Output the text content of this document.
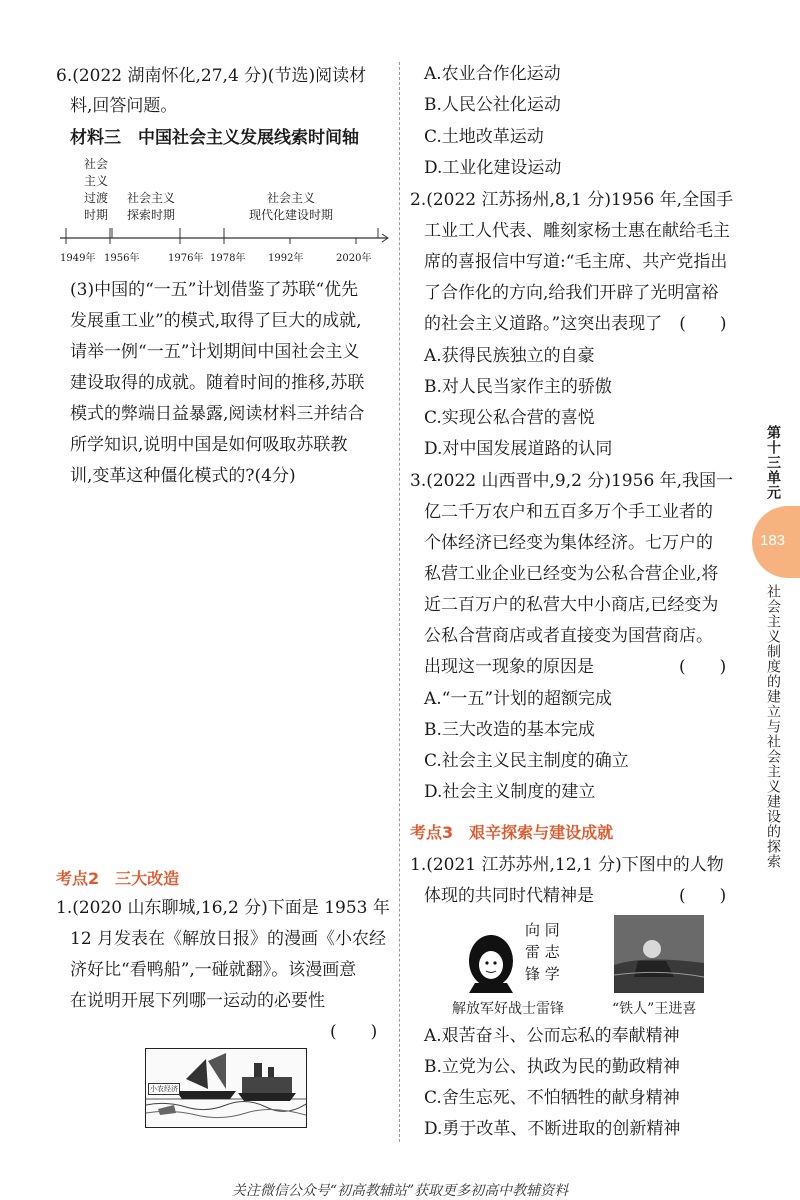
6.(2022 湖南怀化,27,4 分)(节选)阅读材
料,回答问题。
材料三　中国社会主义发展线索时间轴
社会
主义
过渡
时期
社会主义
探索时期
社会主义
现代化建设时期
1949年 1956年	1976年 1978年 1992年	2020年
(3)中国的“一五”计划借鉴了苏联“优先
发展重工业”的模式,取得了巨大的成就,
请举一例“一五”计划期间中国社会主义
建设取得的成就。随着时间的推移,苏联
模式的弊端日益暴露,阅读材料三并结合
所学知识,说明中国是如何吸取苏联教
训,变革这种僵化模式的?(4分)
考点2　三大改造
1.(2020 山东聊城,16,2 分)下面是 1953 年
12 月发表在《解放日报》的漫画《小农经
济好比“看鸭船”,一碰就翻》。该漫画意
在说明开展下列哪一运动的必要性
(　　)
小农经济
A.农业合作化运动
B.人民公社化运动
C.土地改革运动
D.工业化建设运动
2.(2022 江苏扬州,8,1 分)1956 年,全国手
工业工人代表、雕刻家杨士惠在献给毛主
席的喜报信中写道:“毛主席、共产党指出
了合作化的方向,给我们开辟了光明富裕
的社会主义道路。”这突出表现了　(　　)
A.获得民族独立的自豪
B.对人民当家作主的骄傲
C.实现公私合营的喜悦
D.对中国发展道路的认同
3.(2022 山西晋中,9,2 分)1956 年,我国一
亿二千万农户和五百多万个手工业者的
个体经济已经变为集体经济。七万户的
私营工业企业已经变为公私合营企业,将
近二百万户的私营大中小商店,已经变为
公私合营商店或者直接变为国营商店。
出现这一现象的原因是　　　　　(　　)
A.“一五”计划的超额完成
B.三大改造的基本完成
C.社会主义民主制度的确立
D.社会主义制度的建立
考点3　艰辛探索与建设成就
1.(2021 江苏苏州,12,1 分)下图中的人物
体现的共同时代精神是　　　　　(　　)
向 同
雷 志
锋 学
解放军好战士雷锋	“铁人”王进喜
A.艰苦奋斗、公而忘私的奉献精神
B.立党为公、执政为民的勤政精神
C.舍生忘死、不怕牺牲的献身精神
D.勇于改革、不断进取的创新精神
第十三单元
183
社会主义制度的建立与社会主义建设的探索
关注微信公众号“初高教辅站”获取更多初高中教辅资料
